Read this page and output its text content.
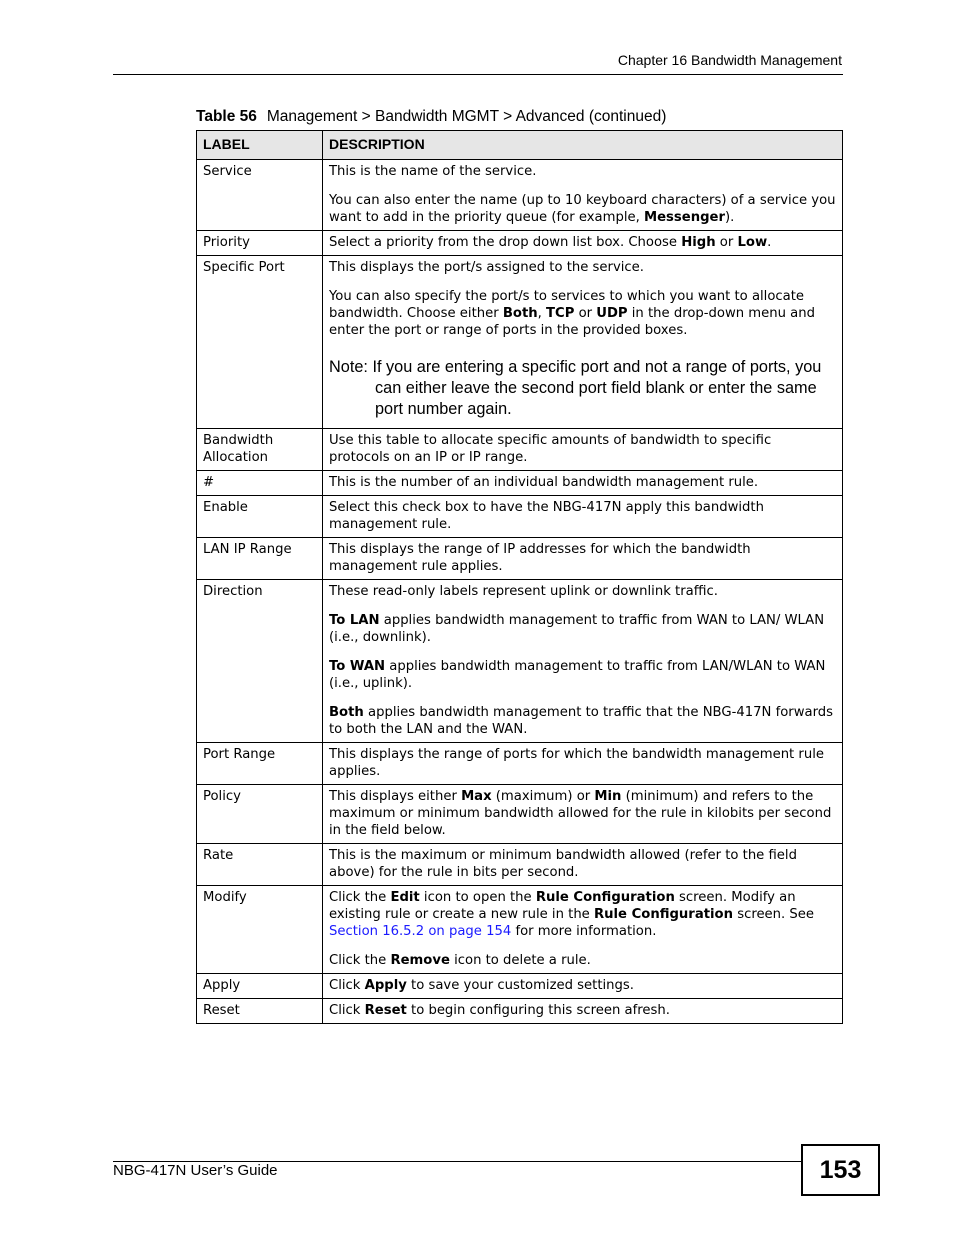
Chapter 16 Bandwidth Management
Table 56 Management > Bandwidth MGMT > Advanced (continued)
LABEL	DESCRIPTION
Service	This is the name of the service.

You can also enter the name (up to 10 keyboard characters) of a service you want to add in the priority queue (for example, Messenger).

Priority	Select a priority from the drop down list box. Choose High or Low.
Specific Port	This displays the port/s assigned to the service.

You can also specify the port/s to services to which you want to allocate bandwidth. Choose either Both, TCP or UDP in the drop-down menu and enter the port or range of ports in the provided boxes.

Note: If you are entering a specific port and not a range of ports, you can either leave the second port field blank or enter the same port number again.

Bandwidth Allocation	Use this table to allocate specific amounts of bandwidth to specific protocols on an IP or IP range.
#	This is the number of an individual bandwidth management rule.
Enable	Select this check box to have the NBG-417N apply this bandwidth management rule.
LAN IP Range	This displays the range of IP addresses for which the bandwidth management rule applies.
Direction	These read-only labels represent uplink or downlink traffic.

To LAN applies bandwidth management to traffic from WAN to LAN/ WLAN (i.e., downlink).

To WAN applies bandwidth management to traffic from LAN/WLAN to WAN (i.e., uplink).

Both applies bandwidth management to traffic that the NBG-417N forwards to both the LAN and the WAN.

Port Range	This displays the range of ports for which the bandwidth management rule applies.
Policy	This displays either Max (maximum) or Min (minimum) and refers to the maximum or minimum bandwidth allowed for the rule in kilobits per second in the field below.
Rate	This is the maximum or minimum bandwidth allowed (refer to the field above) for the rule in bits per second.
Modify	Click the Edit icon to open the Rule Configuration screen. Modify an existing rule or create a new rule in the Rule Configuration screen. See Section 16.5.2 on page 154 for more information.

Click the Remove icon to delete a rule.

Apply	Click Apply to save your customized settings.
Reset	Click Reset to begin configuring this screen afresh.
NBG-417N User’s Guide	153
